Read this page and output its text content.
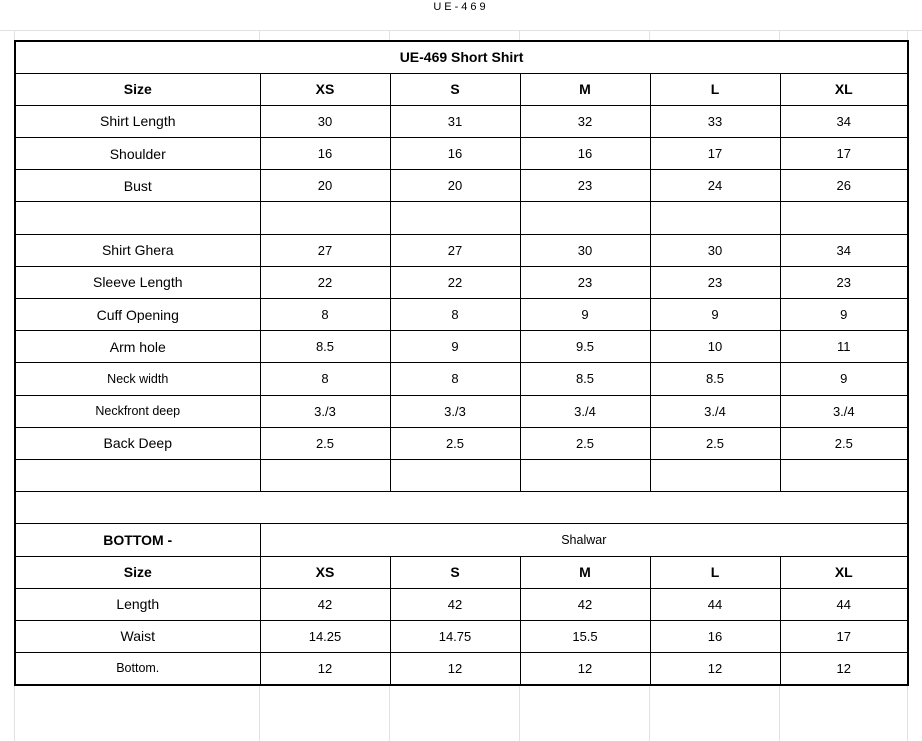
UE-469
UE-469 Short Shirt					
Size	XS	S	M	L	XL
Shirt Length	30	31	32	33	34
Shoulder	16	16	16	17	17
Bust	20	20	23	24	26

Shirt Ghera	27	27	30	30	34
Sleeve Length	22	22	23	23	23
Cuff Opening	8	8	9	9	9
Arm hole	8.5	9	9.5	10	11
Neck width	8	8	8.5	8.5	9
Neckfront deep	3./3	3./3	3./4	3./4	3./4
Back Deep	2.5	2.5	2.5	2.5	2.5

BOTTOM -	Shalwar				
Size	XS	S	M	L	XL
Length	42	42	42	44	44
Waist	14.25	14.75	15.5	16	17
Bottom.	12	12	12	12	12
